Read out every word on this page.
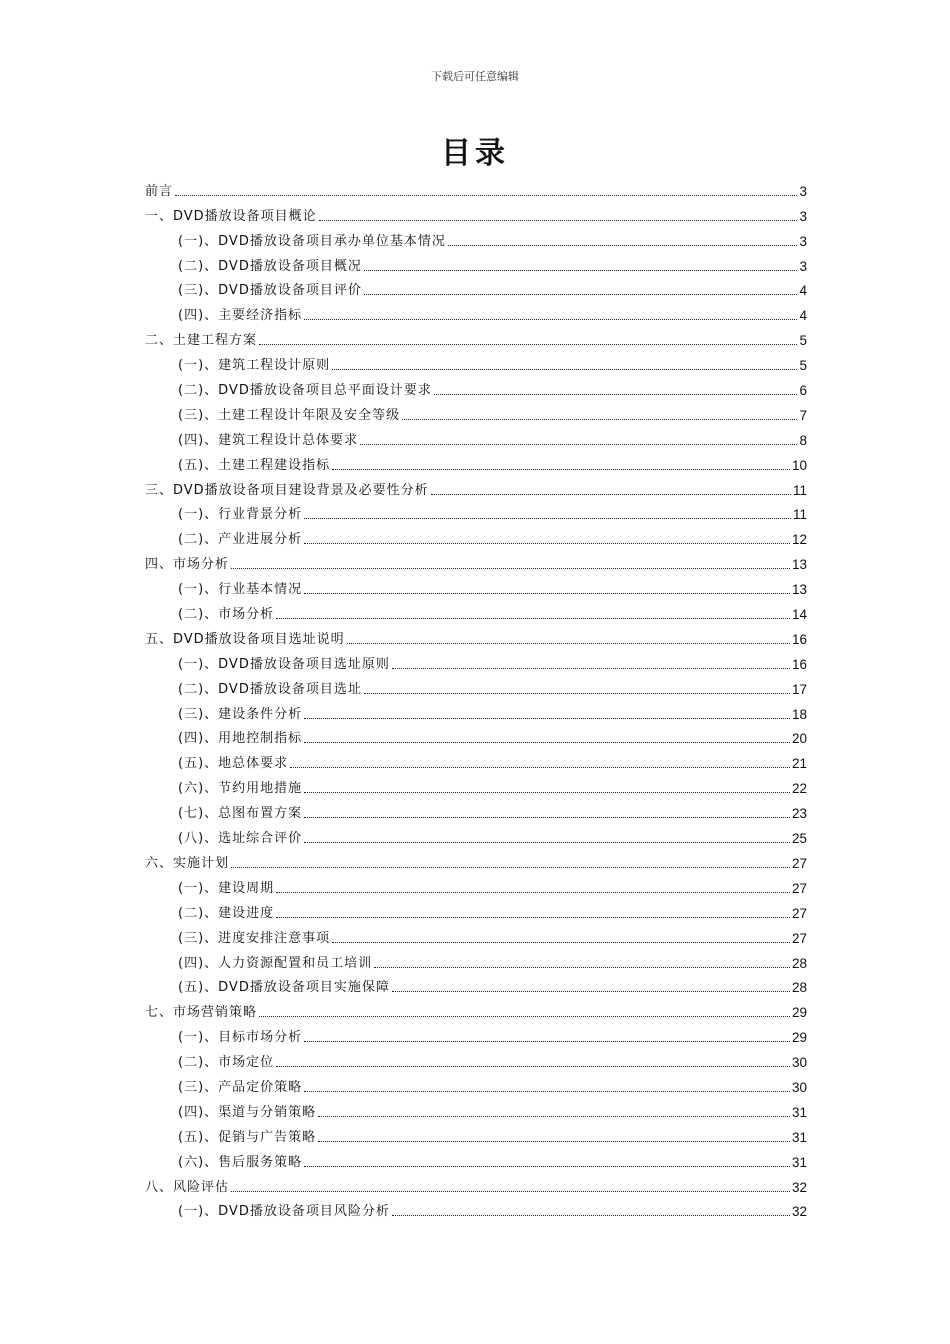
下载后可任意编辑
目录
前言	3
一、DVD播放设备项目概论	3
(一)、DVD播放设备项目承办单位基本情况	3
(二)、DVD播放设备项目概况	3
(三)、DVD播放设备项目评价	4
(四)、主要经济指标	4
二、土建工程方案	5
(一)、建筑工程设计原则	5
(二)、DVD播放设备项目总平面设计要求	6
(三)、土建工程设计年限及安全等级	7
(四)、建筑工程设计总体要求	8
(五)、土建工程建设指标	10
三、DVD播放设备项目建设背景及必要性分析	11
(一)、行业背景分析	11
(二)、产业进展分析	12
四、市场分析	13
(一)、行业基本情况	13
(二)、市场分析	14
五、DVD播放设备项目选址说明	16
(一)、DVD播放设备项目选址原则	16
(二)、DVD播放设备项目选址	17
(三)、建设条件分析	18
(四)、用地控制指标	20
(五)、地总体要求	21
(六)、节约用地措施	22
(七)、总图布置方案	23
(八)、选址综合评价	25
六、实施计划	27
(一)、建设周期	27
(二)、建设进度	27
(三)、进度安排注意事项	27
(四)、人力资源配置和员工培训	28
(五)、DVD播放设备项目实施保障	28
七、市场营销策略	29
(一)、目标市场分析	29
(二)、市场定位	30
(三)、产品定价策略	30
(四)、渠道与分销策略	31
(五)、促销与广告策略	31
(六)、售后服务策略	31
八、风险评估	32
(一)、DVD播放设备项目风险分析	32
